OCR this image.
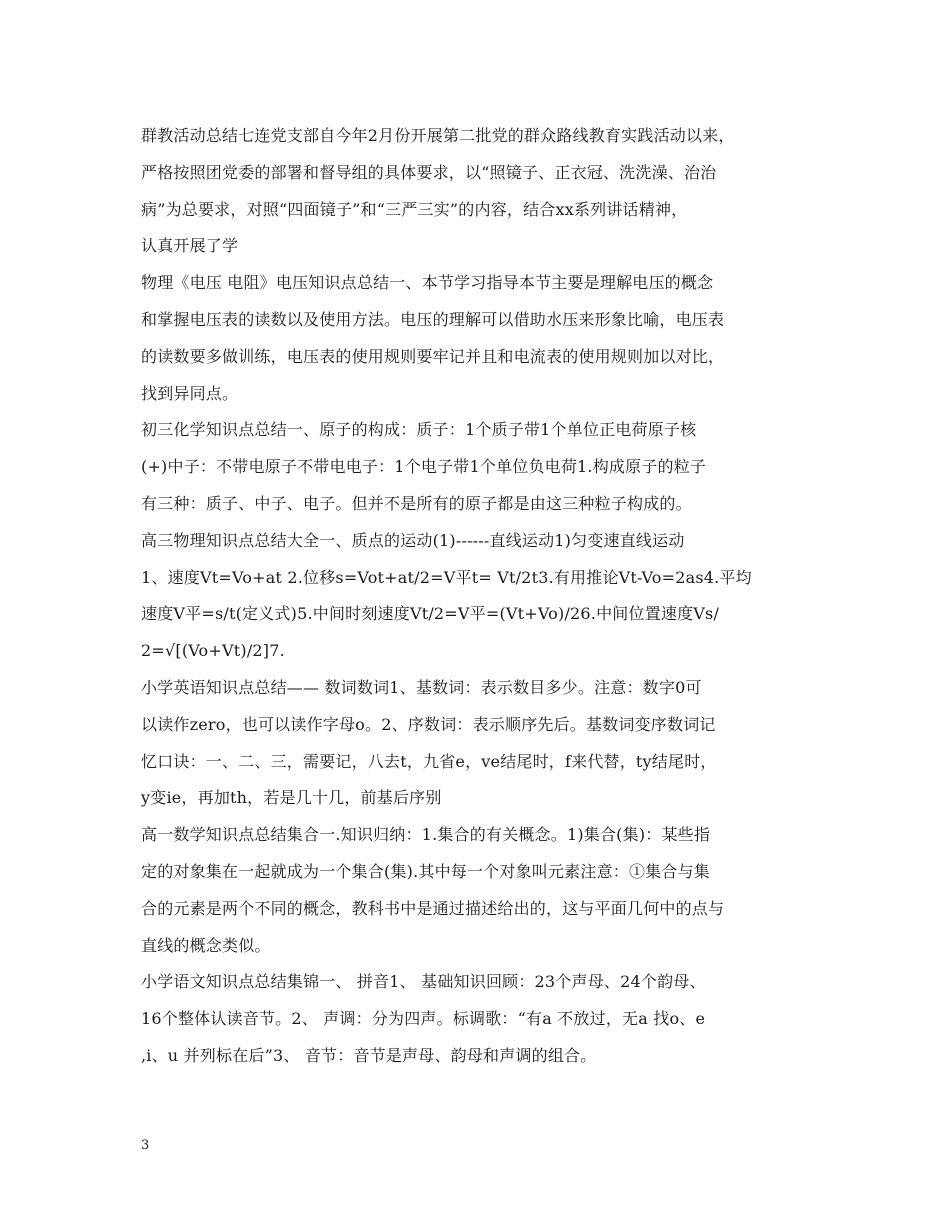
群教活动总结七连党支部自今年2月份开展第二批党的群众路线教育实践活动以来，
严格按照团党委的部署和督导组的具体要求，以“照镜子、正衣冠、洗洗澡、治治
病”为总要求，对照“四面镜子”和“三严三实”的内容，结合xx系列讲话精神，
认真开展了学
物理《电压 电阻》电压知识点总结一、本节学习指导本节主要是理解电压的概念
和掌握电压表的读数以及使用方法。电压的理解可以借助水压来形象比喻，电压表
的读数要多做训练，电压表的使用规则要牢记并且和电流表的使用规则加以对比，
找到异同点。
初三化学知识点总结一、原子的构成：质子：1个质子带1个单位正电荷原子核
(+)中子：不带电原子不带电电子：1个电子带1个单位负电荷1.构成原子的粒子
有三种：质子、中子、电子。但并不是所有的原子都是由这三种粒子构成的。
高三物理知识点总结大全一、质点的运动(1)------直线运动1)匀变速直线运动
1、速度Vt=Vo+at 2.位移s=Vot+at/2=V平t= Vt/2t3.有用推论Vt-Vo=2as4.平均
速度V平=s/t(定义式)5.中间时刻速度Vt/2=V平=(Vt+Vo)/26.中间位置速度Vs/
2=√[(Vo+Vt)/2]7.
小学英语知识点总结—— 数词数词1、基数词：表示数目多少。注意：数字0可
以读作zero，也可以读作字母o。2、序数词：表示顺序先后。基数词变序数词记
忆口诀：一、二、三，需要记，八去t，九省e，ve结尾时，f来代替，ty结尾时，
y变ie，再加th，若是几十几，前基后序别
高一数学知识点总结集合一.知识归纳：1.集合的有关概念。1)集合(集)：某些指
定的对象集在一起就成为一个集合(集).其中每一个对象叫元素注意：①集合与集
合的元素是两个不同的概念，教科书中是通过描述给出的，这与平面几何中的点与
直线的概念类似。
小学语文知识点总结集锦一、 拼音1、 基础知识回顾：23个声母、24个韵母、
16个整体认读音节。2、 声调：分为四声。标调歌：“有a 不放过，无a 找o、e
,i、u 并列标在后”3、 音节：音节是声母、韵母和声调的组合。
3
